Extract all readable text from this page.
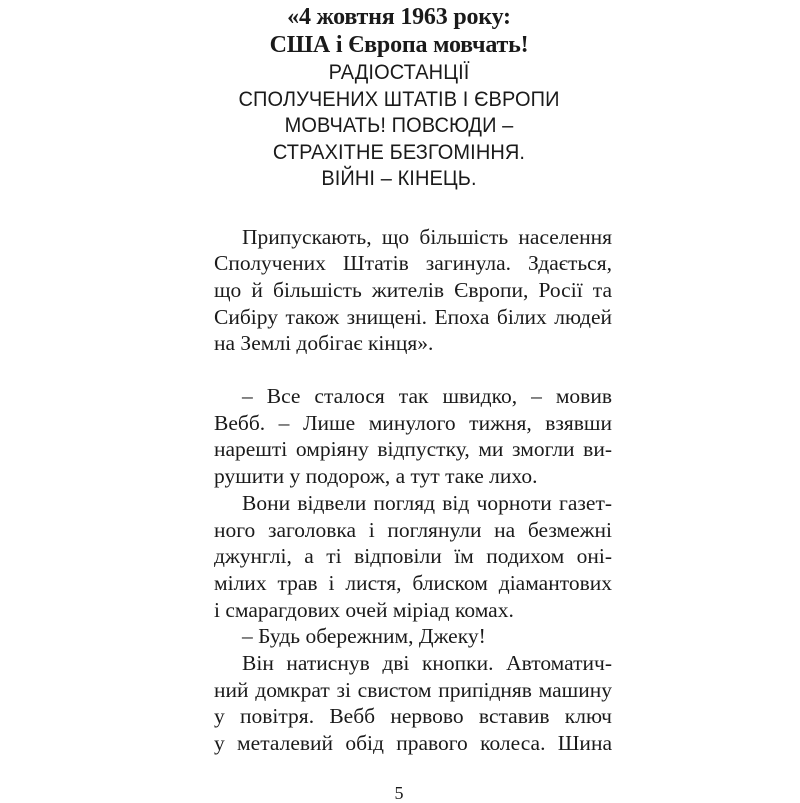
«4 жовтня 1963 року:
США і Європа мовчать!
РАДІОСТАНЦІЇ
СПОЛУЧЕНИХ ШТАТІВ І ЄВРОПИ
МОВЧАТЬ! ПОВСЮДИ –
СТРАХІТНЕ БЕЗГОМІННЯ.
ВІЙНІ – КІНЕЦЬ.
Припускають, що більшість населення
Сполучених Штатів загинула. Здається,
що й більшість жителів Європи, Росії та
Сибіру також знищені. Епоха білих людей
на Землі добігає кінця».
– Все сталося так швидко, – мовив
Вебб. – Лише минулого тижня, взявши
нарешті омріяну відпустку, ми змогли ви-
рушити у подорож, а тут таке лихо.
Вони відвели погляд від чорноти газет-
ного заголовка і поглянули на безмежні
джунглі, а ті відповіли їм подихом оні-
мілих трав і листя, блиском діамантових
і смарагдових очей міріад комах.
– Будь обережним, Джеку!
Він натиснув дві кнопки. Автоматич-
ний домкрат зі свистом припідняв машину
у повітря. Вебб нервово вставив ключ
у металевий обід правого колеса. Шина
5
